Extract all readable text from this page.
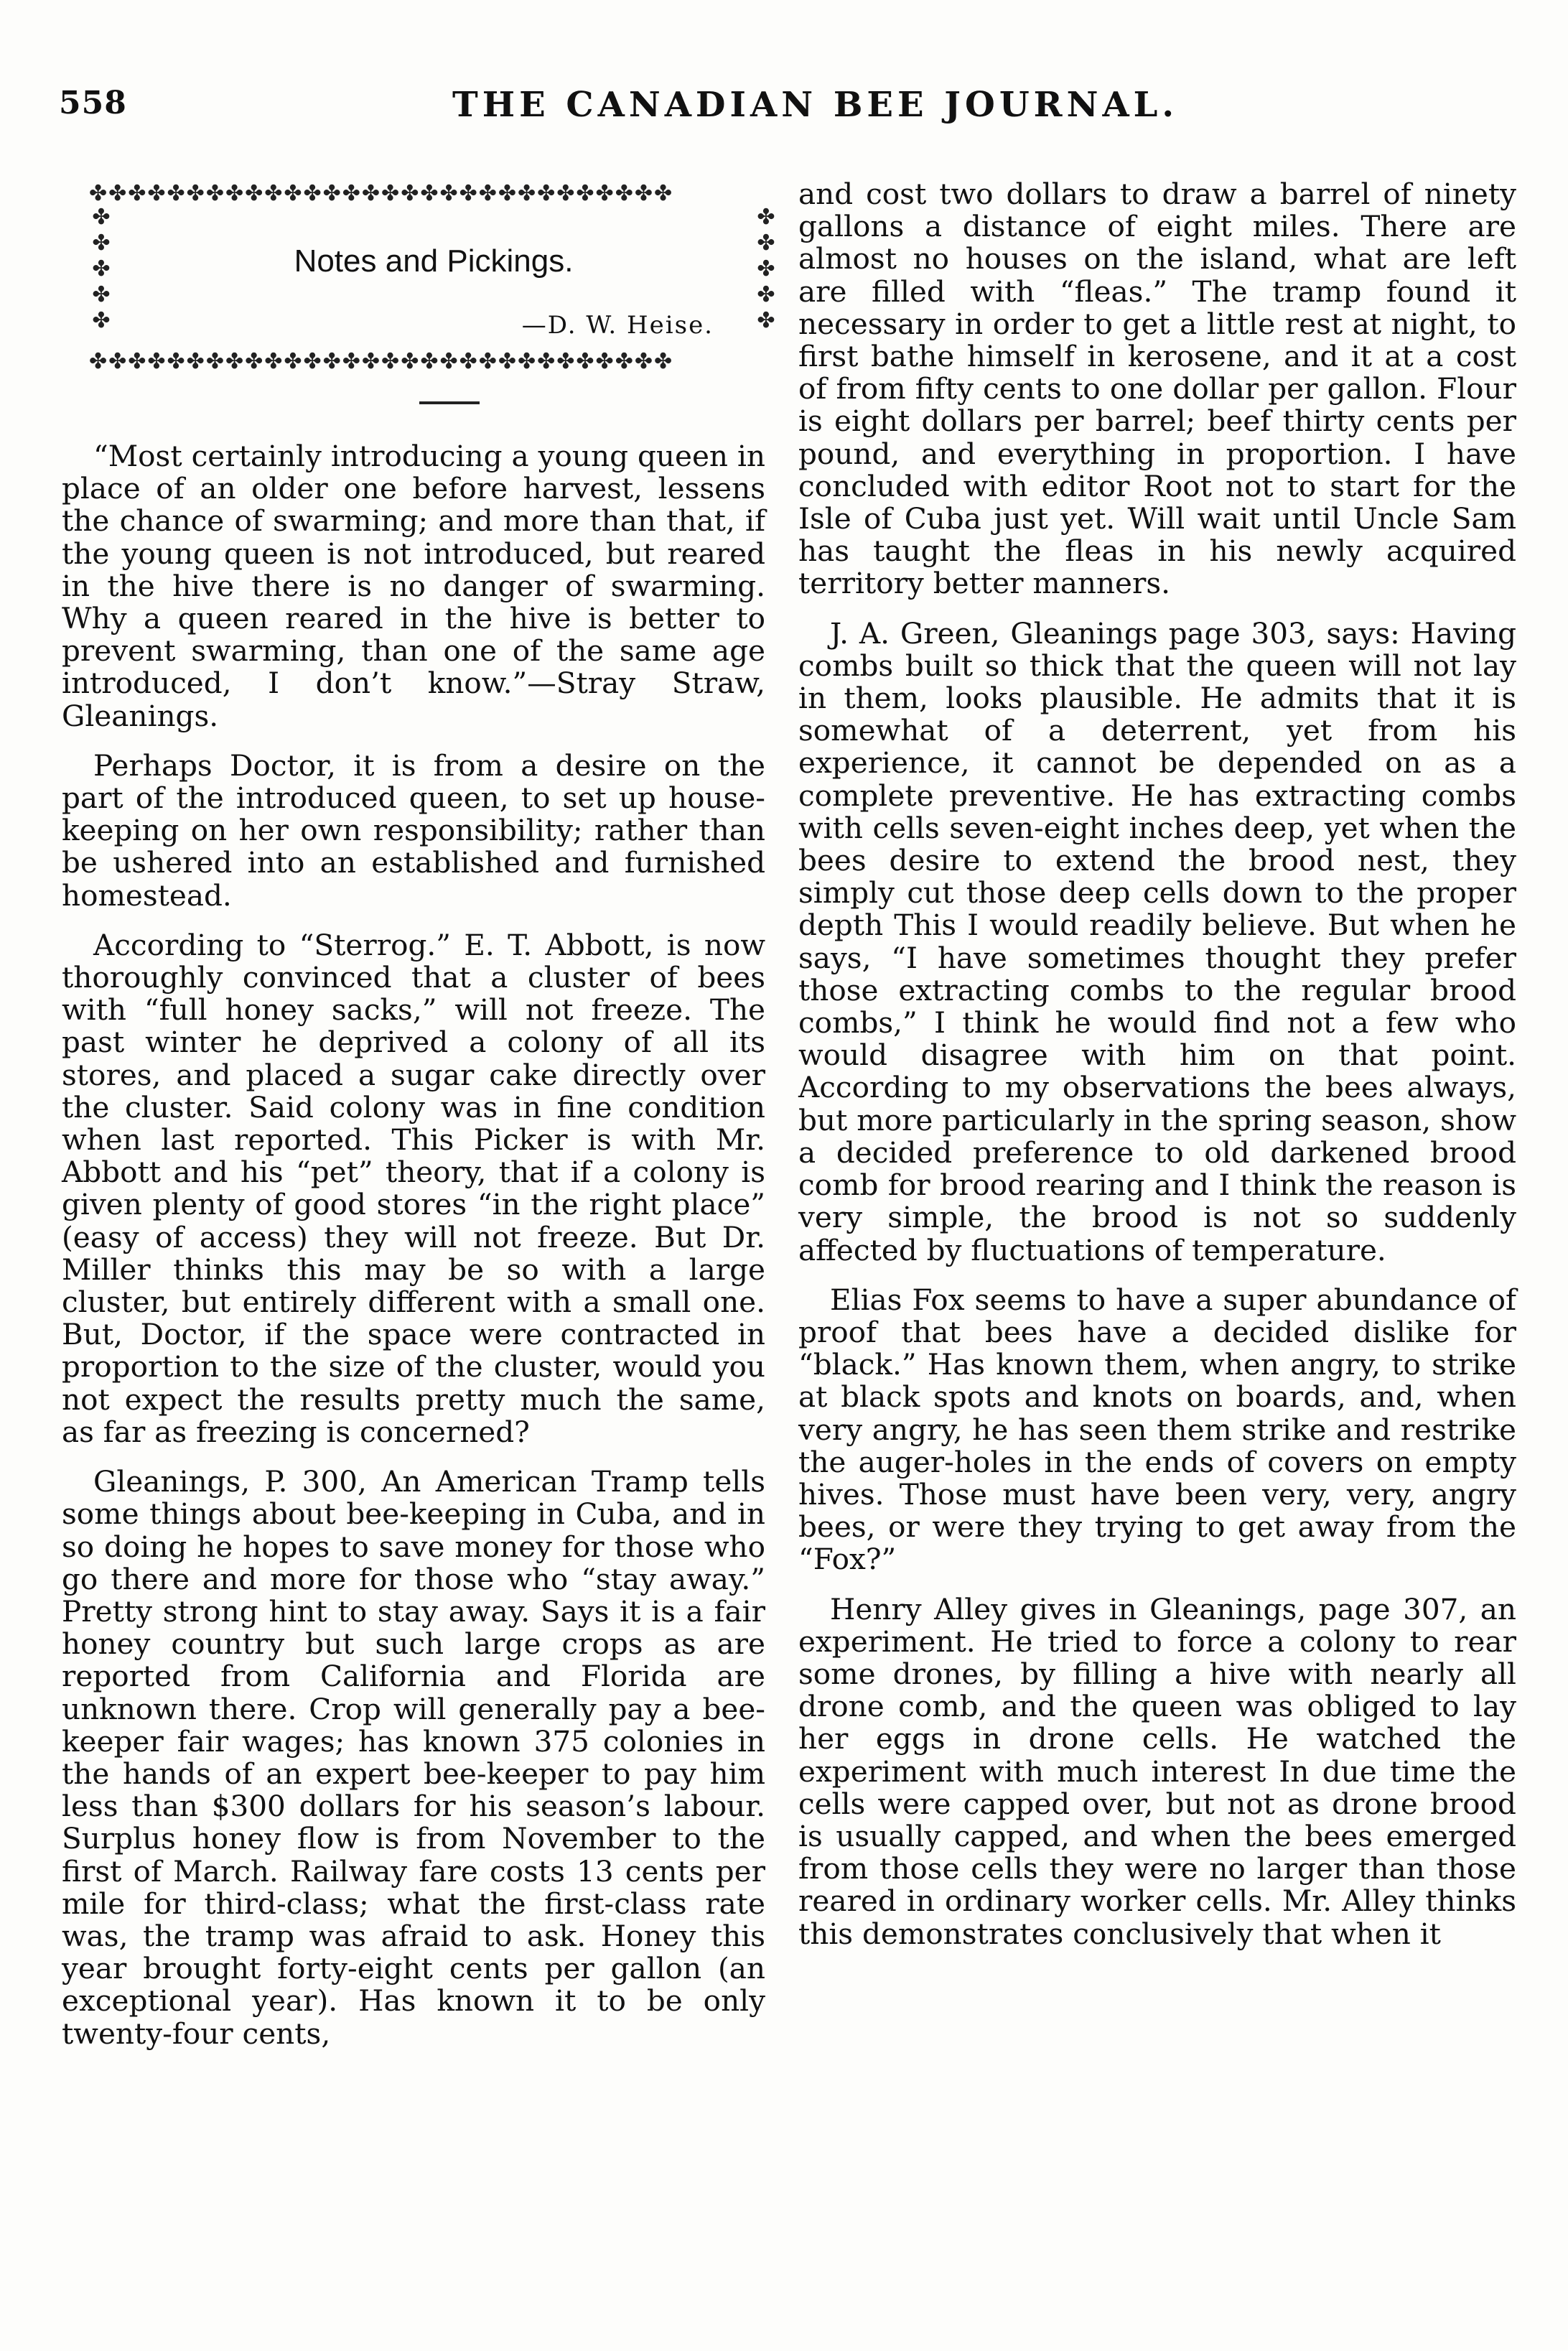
558	THE CANADIAN BEE JOURNAL.
✤✤✤✤✤✤✤✤✤✤✤✤✤✤✤✤✤✤✤✤✤✤✤✤✤✤✤✤✤✤
✤
✤
✤
✤
✤
✤
✤
✤
✤
✤
Notes and Pickings.
—D. W. Heise.
✤✤✤✤✤✤✤✤✤✤✤✤✤✤✤✤✤✤✤✤✤✤✤✤✤✤✤✤✤✤

“Most certainly introducing a young queen in place of an older one before harvest, lessens the chance of swarming; and more than that, if the young queen is not introduced, but reared in the hive there is no danger of swarming. Why a queen reared in the hive is better to prevent swarming, than one of the same age introduced, I don’t know.”—Stray Straw, Gleanings.

Perhaps Doctor, it is from a desire on the part of the introduced queen, to set up house-keeping on her own responsibility; rather than be ushered into an established and furnished homestead.

According to “Sterrog.” E. T. Abbott, is now thoroughly convinced that a cluster of bees with “full honey sacks,” will not freeze. The past winter he deprived a colony of all its stores, and placed a sugar cake directly over the cluster. Said colony was in fine condition when last reported. This Picker is with Mr. Abbott and his “pet” theory, that if a colony is given plenty of good stores “in the right place” (easy of access) they will not freeze. But Dr. Miller thinks this may be so with a large cluster, but entirely different with a small one. But, Doctor, if the space were contracted in proportion to the size of the cluster, would you not expect the results pretty much the same, as far as freezing is concerned?

Gleanings, P. 300, An American Tramp tells some things about bee-keeping in Cuba, and in so doing he hopes to save money for those who go there and more for those who “stay away.” Pretty strong hint to stay away. Says it is a fair honey country but such large crops as are reported from California and Florida are unknown there. Crop will generally pay a bee-keeper fair wages; has known 375 colonies in the hands of an expert bee-keeper to pay him less than $300 dollars for his season’s labour. Surplus honey flow is from November to the first of March. Railway fare costs 13 cents per mile for third-class; what the first-class rate was, the tramp was afraid to ask. Honey this year brought forty-eight cents per gallon (an exceptional year). Has known it to be only twenty-four cents,

and cost two dollars to draw a barrel of ninety gallons a distance of eight miles. There are almost no houses on the island, what are left are filled with “fleas.” The tramp found it necessary in order to get a little rest at night, to first bathe himself in kerosene, and it at a cost of from fifty cents to one dollar per gallon. Flour is eight dollars per barrel; beef thirty cents per pound, and everything in proportion. I have concluded with editor Root not to start for the Isle of Cuba just yet. Will wait until Uncle Sam has taught the fleas in his newly acquired territory better manners.

J. A. Green, Gleanings page 303, says: Having combs built so thick that the queen will not lay in them, looks plausible. He admits that it is somewhat of a deterrent, yet from his experience, it cannot be depended on as a complete preventive. He has extracting combs with cells seven-eight inches deep, yet when the bees desire to extend the brood nest, they simply cut those deep cells down to the proper depth This I would readily believe. But when he says, “I have sometimes thought they prefer those extracting combs to the regular brood combs,” I think he would find not a few who would disagree with him on that point. According to my observations the bees always, but more particularly in the spring season, show a decided preference to old darkened brood comb for brood rearing and I think the reason is very simple, the brood is not so suddenly affected by fluctuations of temperature.

Elias Fox seems to have a super abundance of proof that bees have a decided dislike for “black.” Has known them, when angry, to strike at black spots and knots on boards, and, when very angry, he has seen them strike and restrike the auger-holes in the ends of covers on empty hives. Those must have been very, very, angry bees, or were they trying to get away from the “Fox?”

Henry Alley gives in Gleanings, page 307, an experiment. He tried to force a colony to rear some drones, by filling a hive with nearly all drone comb, and the queen was obliged to lay her eggs in drone cells. He watched the experiment with much interest In due time the cells were capped over, but not as drone brood is usually capped, and when the bees emerged from those cells they were no larger than those reared in ordinary worker cells. Mr. Alley thinks this demonstrates conclusively that when it
